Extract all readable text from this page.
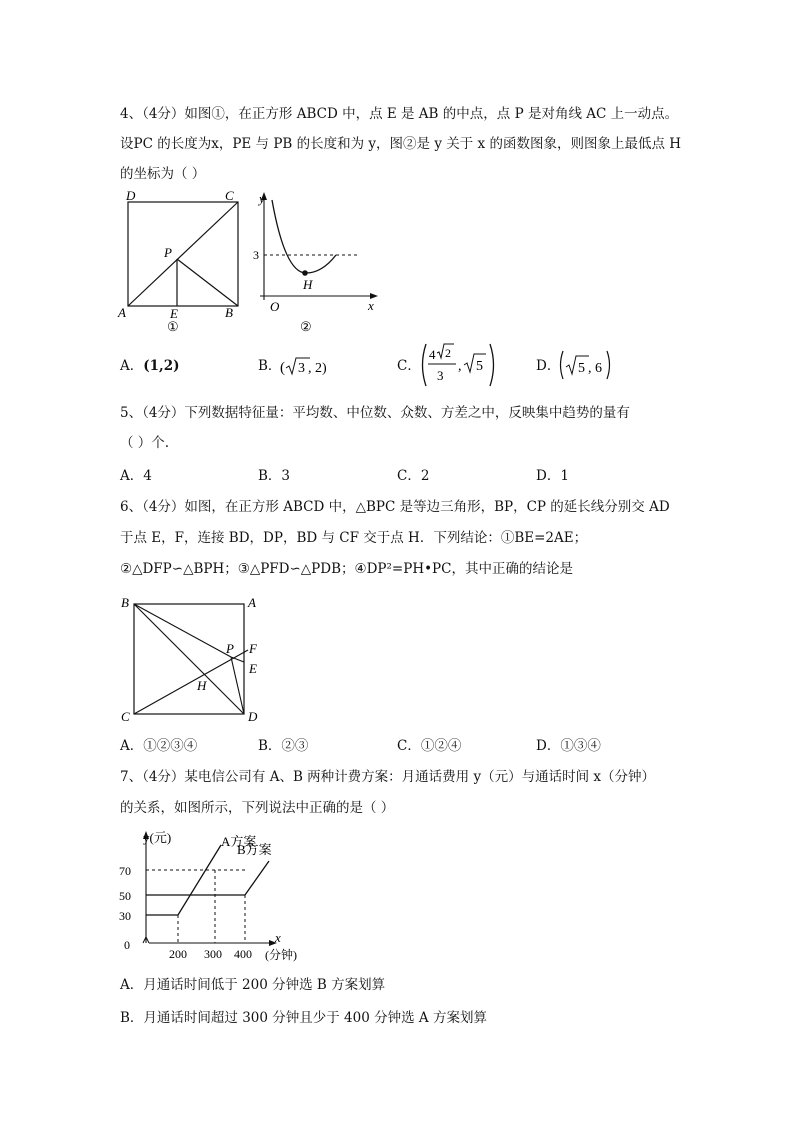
4、（4分）如图①，在正方形 ABCD 中，点 E 是 AB 的中点，点 P 是对角线 AC 上一动点。
设PC 的长度为x，PE 与 PB 的长度和为 y，图②是 y 关于 x 的函数图象，则图象上最低点 H
的坐标为（ ）
D	C
P
A	E	B
①
y
3
H
O	x
②
A．(1,2)	B．
( 3 , 2)	C．
4 2
3
, 5	D． 5 , 6
5、（4分）下列数据特征量：平均数、中位数、众数、方差之中，反映集中趋势的量有
（ ）个.
A．4	B．3	C．2	D．1
6、（4分）如图，在正方形 ABCD 中，△BPC 是等边三角形，BP，CP 的延长线分别交 AD
于点 E，F，连接 BD，DP，BD 与 CF 交于点 H．下列结论：①BE=2AE；
②△DFP∽△BPH；③△PFD∽△PDB；④DP²=PH•PC，其中正确的结论是
B	A
P F
E
H
C	D
A．①②③④	B．②③	C．①②④	D．①③④
7、（4分）某电信公司有 A、B 两种计费方案：月通话费用 y（元）与通话时间 x（分钟）
的关系，如图所示，下列说法中正确的是（ ）
y(元)	A方案
B方案
70
50
30
0
200 300 400
x
(分钟)
A．月通话时间低于 200 分钟选 B 方案划算
B．月通话时间超过 300 分钟且少于 400 分钟选 A 方案划算
